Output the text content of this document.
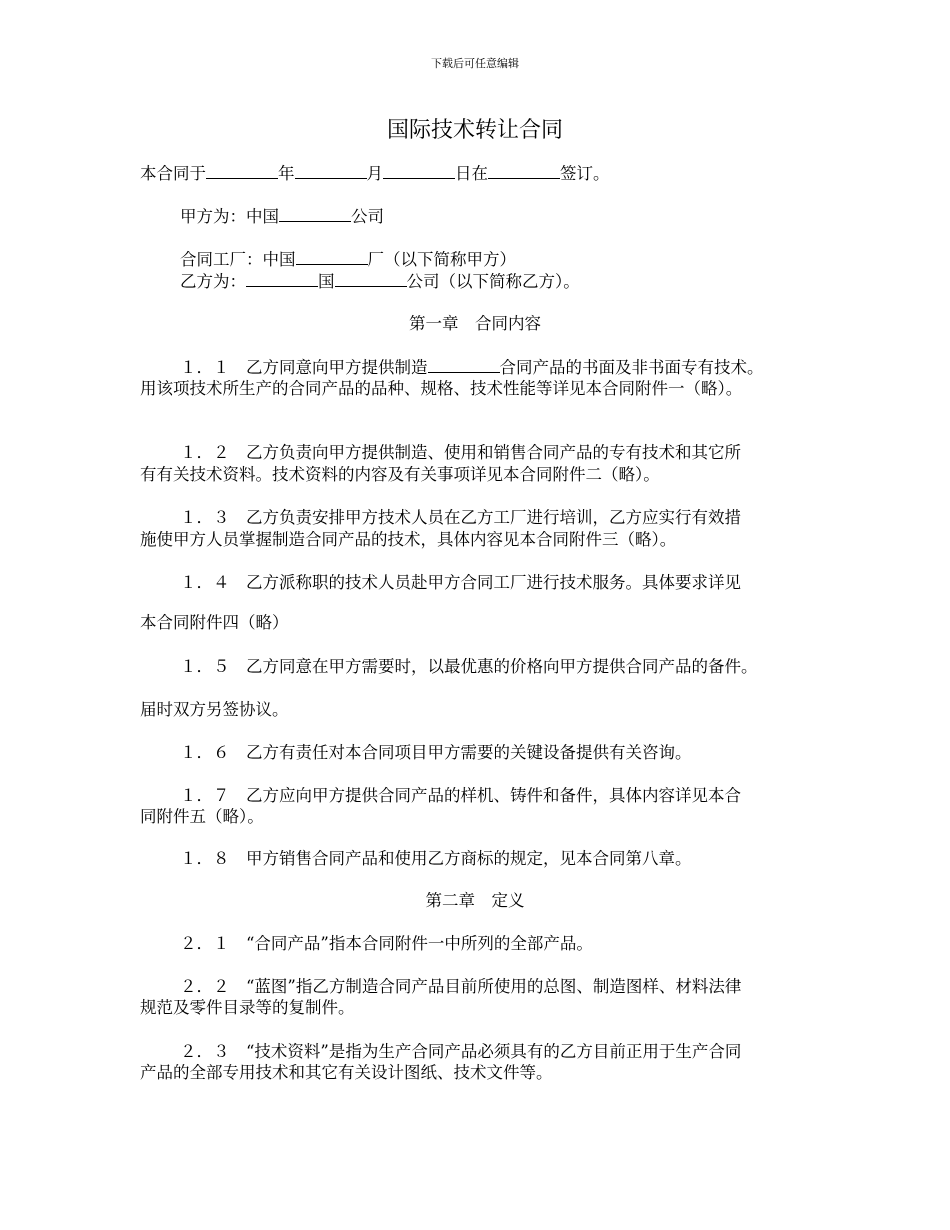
下载后可任意编辑
国际技术转让合同
本合同于	年	月	日在	签订。
甲方为：中国	公司
合同工厂：中国	厂（以下简称甲方）
乙方为：	国	公司（以下简称乙方）。
第一章　合同内容
１．１　乙方同意向甲方提供制造	合同产品的书面及非书面专有技术。
用该项技术所生产的合同产品的品种、规格、技术性能等详见本合同附件一（略）。
１．２　乙方负责向甲方提供制造、使用和销售合同产品的专有技术和其它所
有有关技术资料。技术资料的内容及有关事项详见本合同附件二（略）。
１．３　乙方负责安排甲方技术人员在乙方工厂进行培训，乙方应实行有效措
施使甲方人员掌握制造合同产品的技术，具体内容见本合同附件三（略）。
１．４　乙方派称职的技术人员赴甲方合同工厂进行技术服务。具体要求详见
本合同附件四（略）
１．５　乙方同意在甲方需要时，以最优惠的价格向甲方提供合同产品的备件。
届时双方另签协议。
１．６　乙方有责任对本合同项目甲方需要的关键设备提供有关咨询。
１．７　乙方应向甲方提供合同产品的样机、铸件和备件，具体内容详见本合
同附件五（略）。
１．８　甲方销售合同产品和使用乙方商标的规定，见本合同第八章。
第二章　定义
２．１　“合同产品”指本合同附件一中所列的全部产品。
２．２　“蓝图”指乙方制造合同产品目前所使用的总图、制造图样、材料法律
规范及零件目录等的复制件。
２．３　“技术资料”是指为生产合同产品必须具有的乙方目前正用于生产合同
产品的全部专用技术和其它有关设计图纸、技术文件等。
